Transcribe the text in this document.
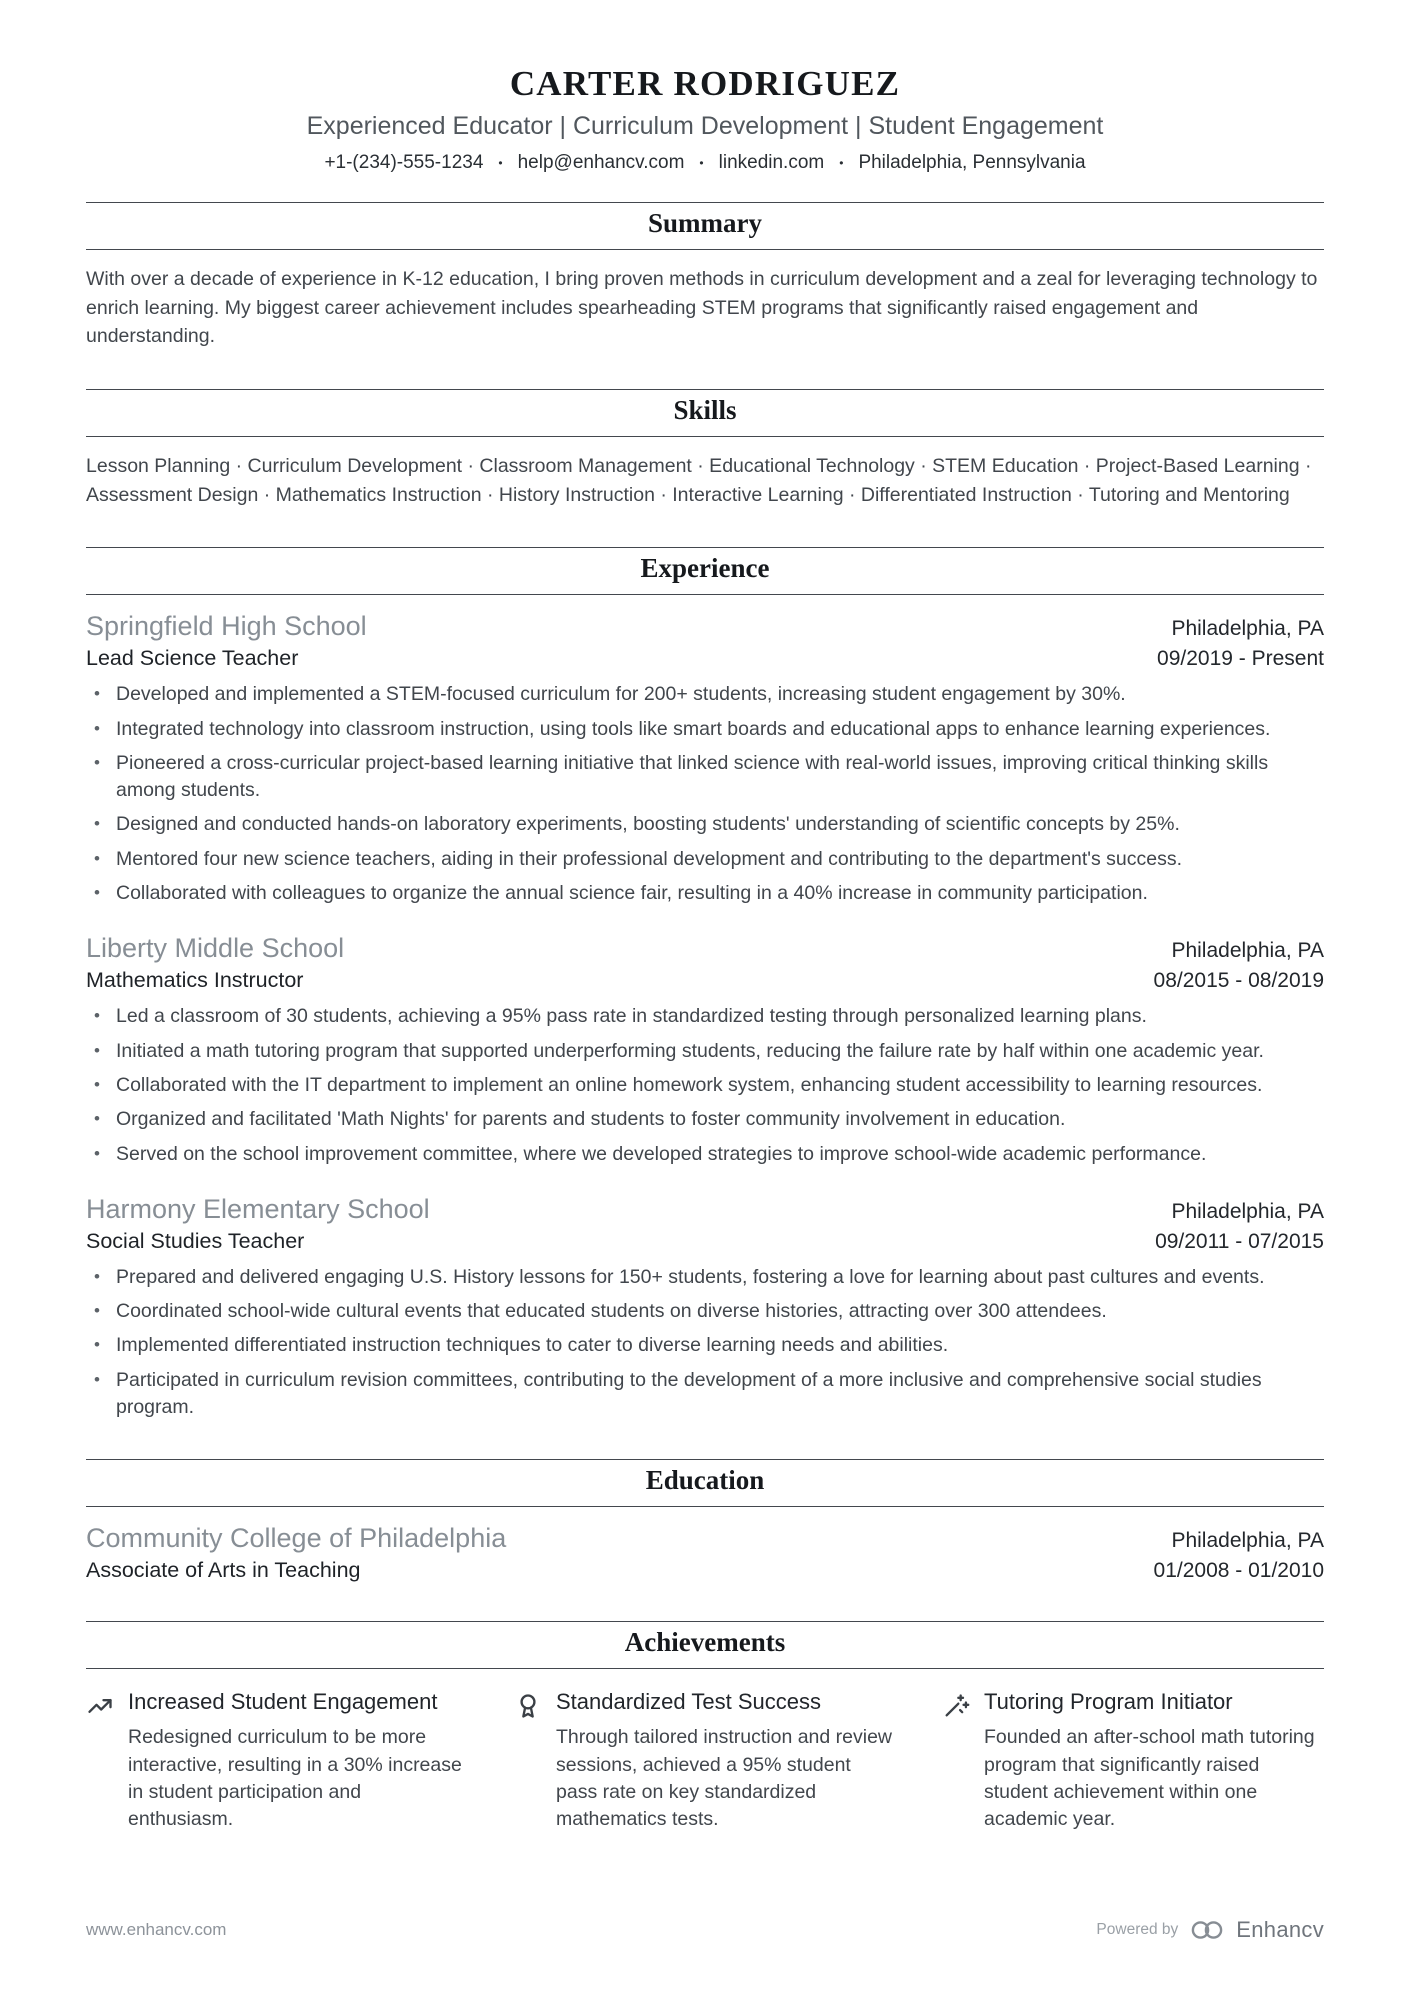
CARTER RODRIGUEZ
Experienced Educator | Curriculum Development | Student Engagement
+1-(234)-555-1234 • help@enhancv.com • linkedin.com • Philadelphia, Pennsylvania
Summary

With over a decade of experience in K-12 education, I bring proven methods in curriculum development and a zeal for leveraging technology to enrich learning. My biggest career achievement includes spearheading STEM programs that significantly raised engagement and understanding.

Skills

Lesson Planning · Curriculum Development · Classroom Management · Educational Technology · STEM Education · Project-Based Learning · Assessment Design · Mathematics Instruction · History Instruction · Interactive Learning · Differentiated Instruction · Tutoring and Mentoring

Experience
Springfield High School	Philadelphia, PA
Lead Science Teacher	09/2019 - Present
• Developed and implemented a STEM-focused curriculum for 200+ students, increasing student engagement by 30%.
• Integrated technology into classroom instruction, using tools like smart boards and educational apps to enhance learning experiences.
• Pioneered a cross-curricular project-based learning initiative that linked science with real-world issues, improving critical thinking skills among students.
• Designed and conducted hands-on laboratory experiments, boosting students' understanding of scientific concepts by 25%.
• Mentored four new science teachers, aiding in their professional development and contributing to the department's success.
• Collaborated with colleagues to organize the annual science fair, resulting in a 40% increase in community participation.
Liberty Middle School	Philadelphia, PA
Mathematics Instructor	08/2015 - 08/2019
• Led a classroom of 30 students, achieving a 95% pass rate in standardized testing through personalized learning plans.
• Initiated a math tutoring program that supported underperforming students, reducing the failure rate by half within one academic year.
• Collaborated with the IT department to implement an online homework system, enhancing student accessibility to learning resources.
• Organized and facilitated 'Math Nights' for parents and students to foster community involvement in education.
• Served on the school improvement committee, where we developed strategies to improve school-wide academic performance.
Harmony Elementary School	Philadelphia, PA
Social Studies Teacher	09/2011 - 07/2015
• Prepared and delivered engaging U.S. History lessons for 150+ students, fostering a love for learning about past cultures and events.
• Coordinated school-wide cultural events that educated students on diverse histories, attracting over 300 attendees.
• Implemented differentiated instruction techniques to cater to diverse learning needs and abilities.
• Participated in curriculum revision committees, contributing to the development of a more inclusive and comprehensive social studies program.
Education
Community College of Philadelphia	Philadelphia, PA
Associate of Arts in Teaching	01/2008 - 01/2010
Achievements
Increased Student Engagement
Redesigned curriculum to be more interactive, resulting in a 30% increase in student participation and enthusiasm.
Standardized Test Success
Through tailored instruction and review sessions, achieved a 95% student pass rate on key standardized mathematics tests.
Tutoring Program Initiator
Founded an after-school math tutoring program that significantly raised student achievement within one academic year.
www.enhancv.com	Powered by	Enhancv
